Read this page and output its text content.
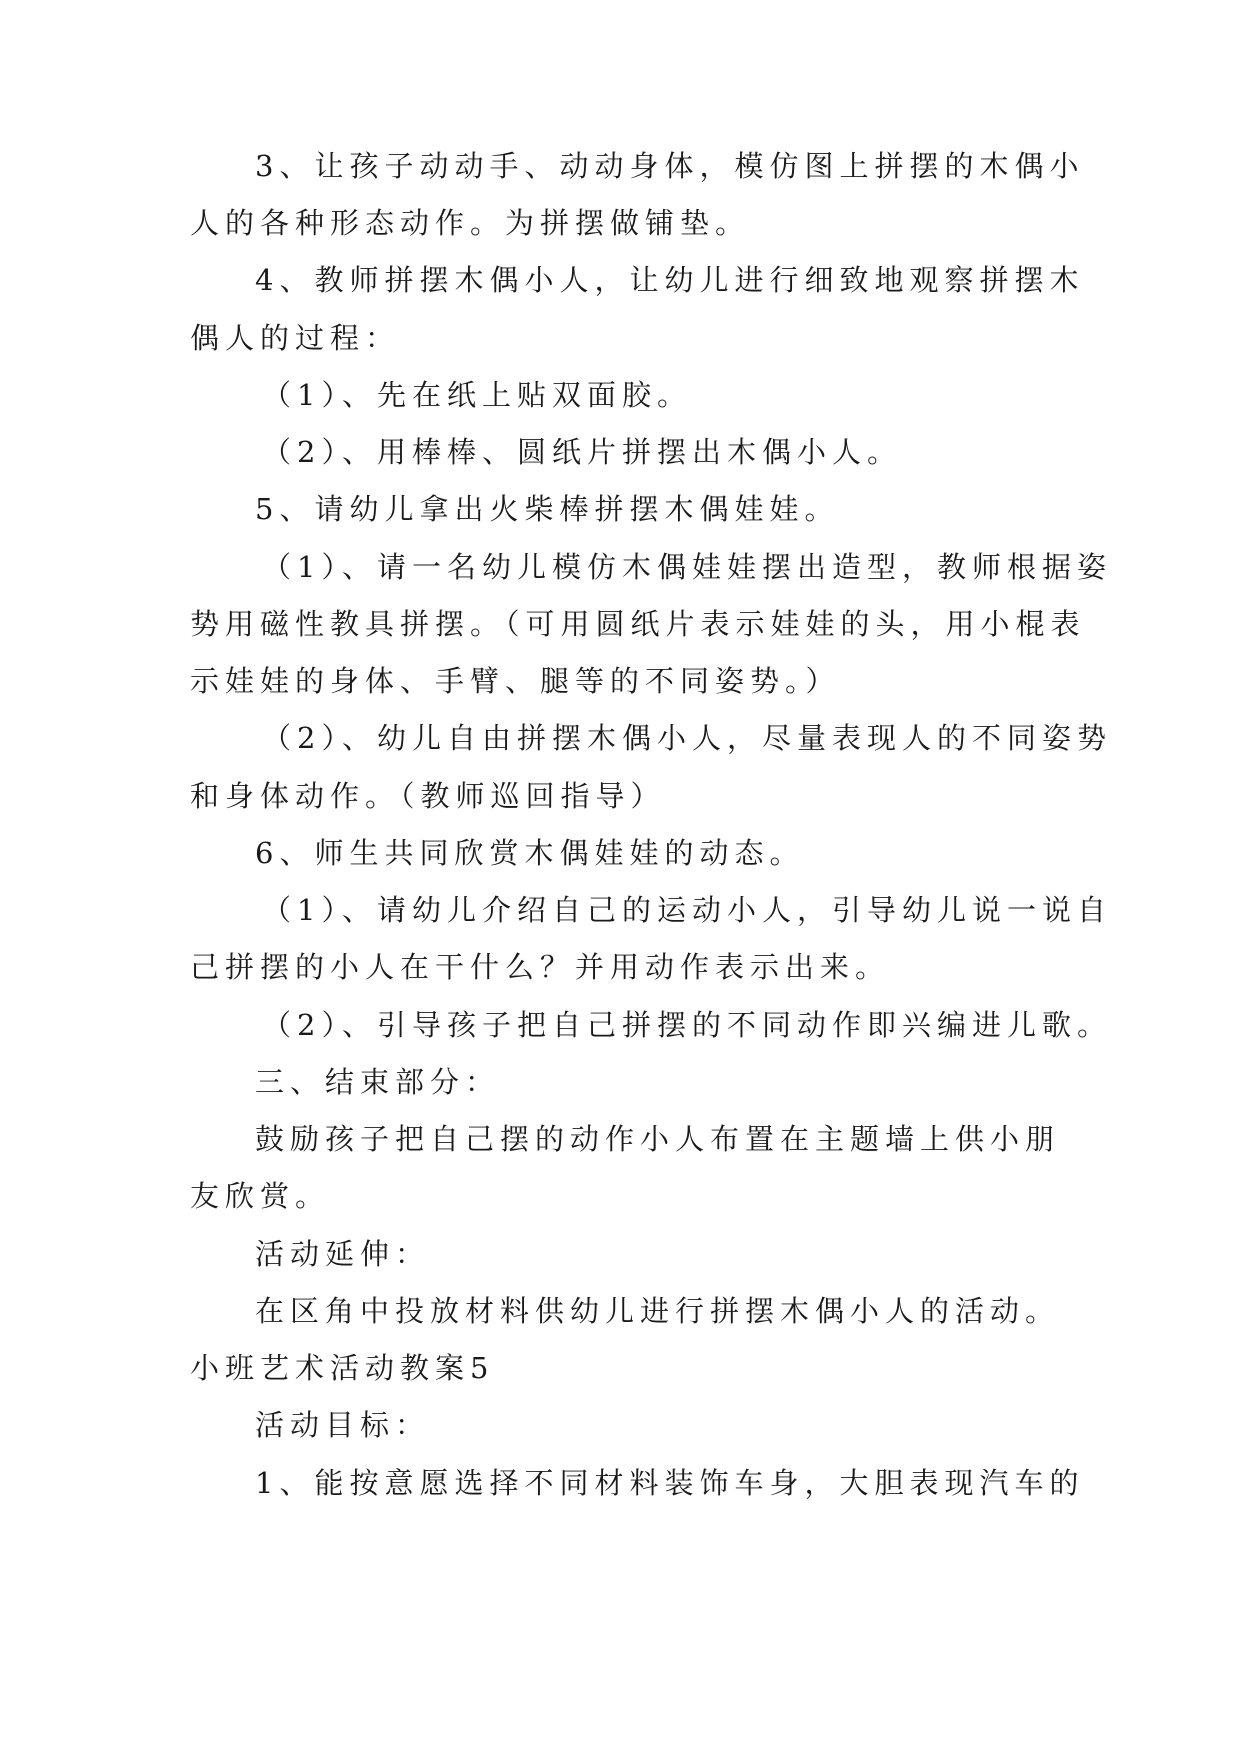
3、让孩子动动手、动动身体，模仿图上拼摆的木偶小
人的各种形态动作。为拼摆做铺垫。
4、教师拼摆木偶小人，让幼儿进行细致地观察拼摆木
偶人的过程：
（1）、先在纸上贴双面胶。
（2）、用棒棒、圆纸片拼摆出木偶小人。
5、请幼儿拿出火柴棒拼摆木偶娃娃。
（1）、请一名幼儿模仿木偶娃娃摆出造型，教师根据姿
势用磁性教具拼摆。（可用圆纸片表示娃娃的头，用小棍表
示娃娃的身体、手臂、腿等的不同姿势。）
（2）、幼儿自由拼摆木偶小人，尽量表现人的不同姿势
和身体动作。（教师巡回指导）
6、师生共同欣赏木偶娃娃的动态。
（1）、请幼儿介绍自己的运动小人，引导幼儿说一说自
己拼摆的小人在干什么？并用动作表示出来。
（2）、引导孩子把自己拼摆的不同动作即兴编进儿歌。
三、结束部分：
鼓励孩子把自己摆的动作小人布置在主题墙上供小朋
友欣赏。
活动延伸：
在区角中投放材料供幼儿进行拼摆木偶小人的活动。
小班艺术活动教案5
活动目标：
1、能按意愿选择不同材料装饰车身，大胆表现汽车的
